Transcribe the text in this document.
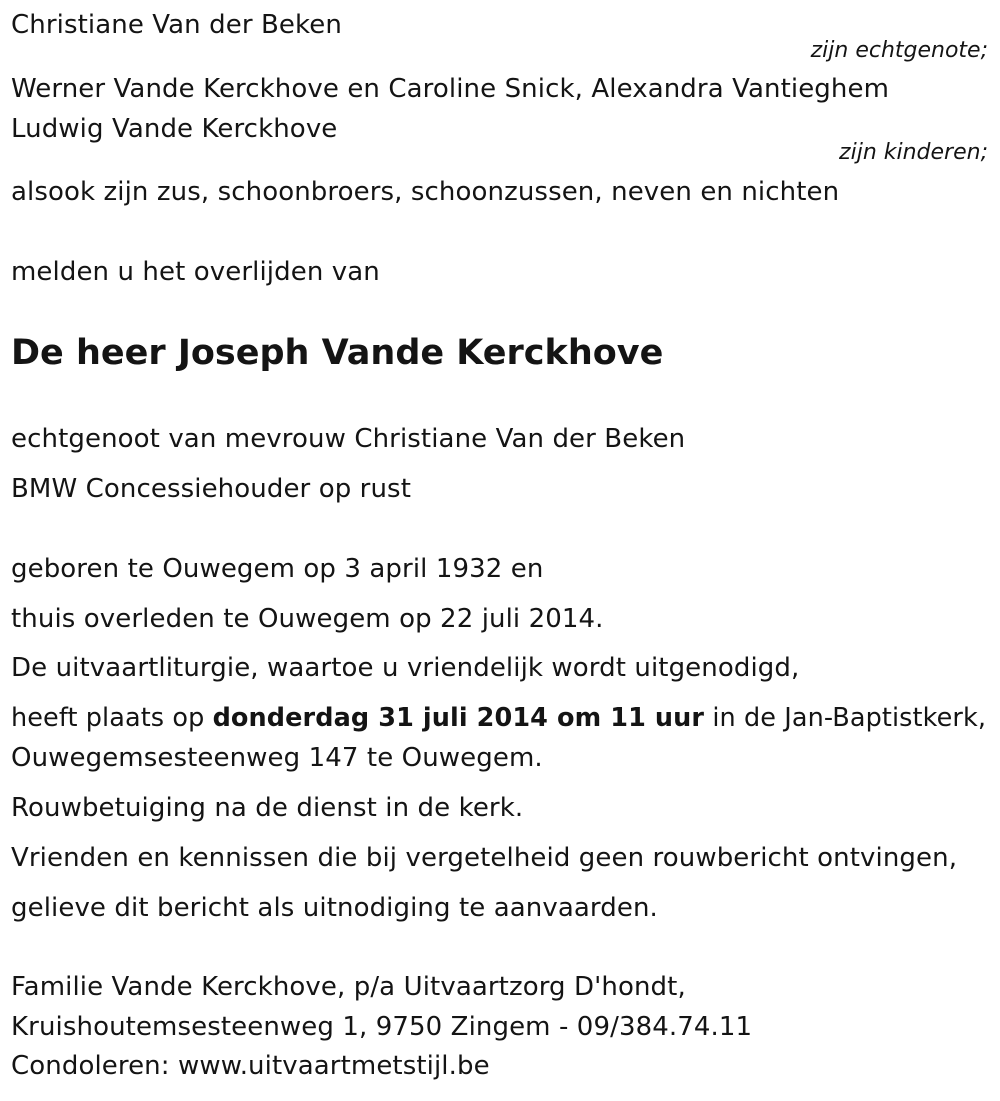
Christiane Van der Beken
zijn echtgenote;
Werner Vande Kerckhove en Caroline Snick, Alexandra Vantieghem
Ludwig Vande Kerckhove
zijn kinderen;
alsook zijn zus, schoonbroers, schoonzussen, neven en nichten
melden u het overlijden van
De heer Joseph Vande Kerckhove
echtgenoot van mevrouw Christiane Van der Beken
BMW Concessiehouder op rust
geboren te Ouwegem op 3 april 1932 en
thuis overleden te Ouwegem op 22 juli 2014.
De uitvaartliturgie, waartoe u vriendelijk wordt uitgenodigd,
heeft plaats op donderdag 31 juli 2014 om 11 uur in de Jan-Baptistkerk,
Ouwegemsesteenweg 147 te Ouwegem.
Rouwbetuiging na de dienst in de kerk.
Vrienden en kennissen die bij vergetelheid geen rouwbericht ontvingen,
gelieve dit bericht als uitnodiging te aanvaarden.
Familie Vande Kerckhove, p/a Uitvaartzorg D'hondt,
Kruishoutemsesteenweg 1, 9750 Zingem - 09/384.74.11
Condoleren: www.uitvaartmetstijl.be
